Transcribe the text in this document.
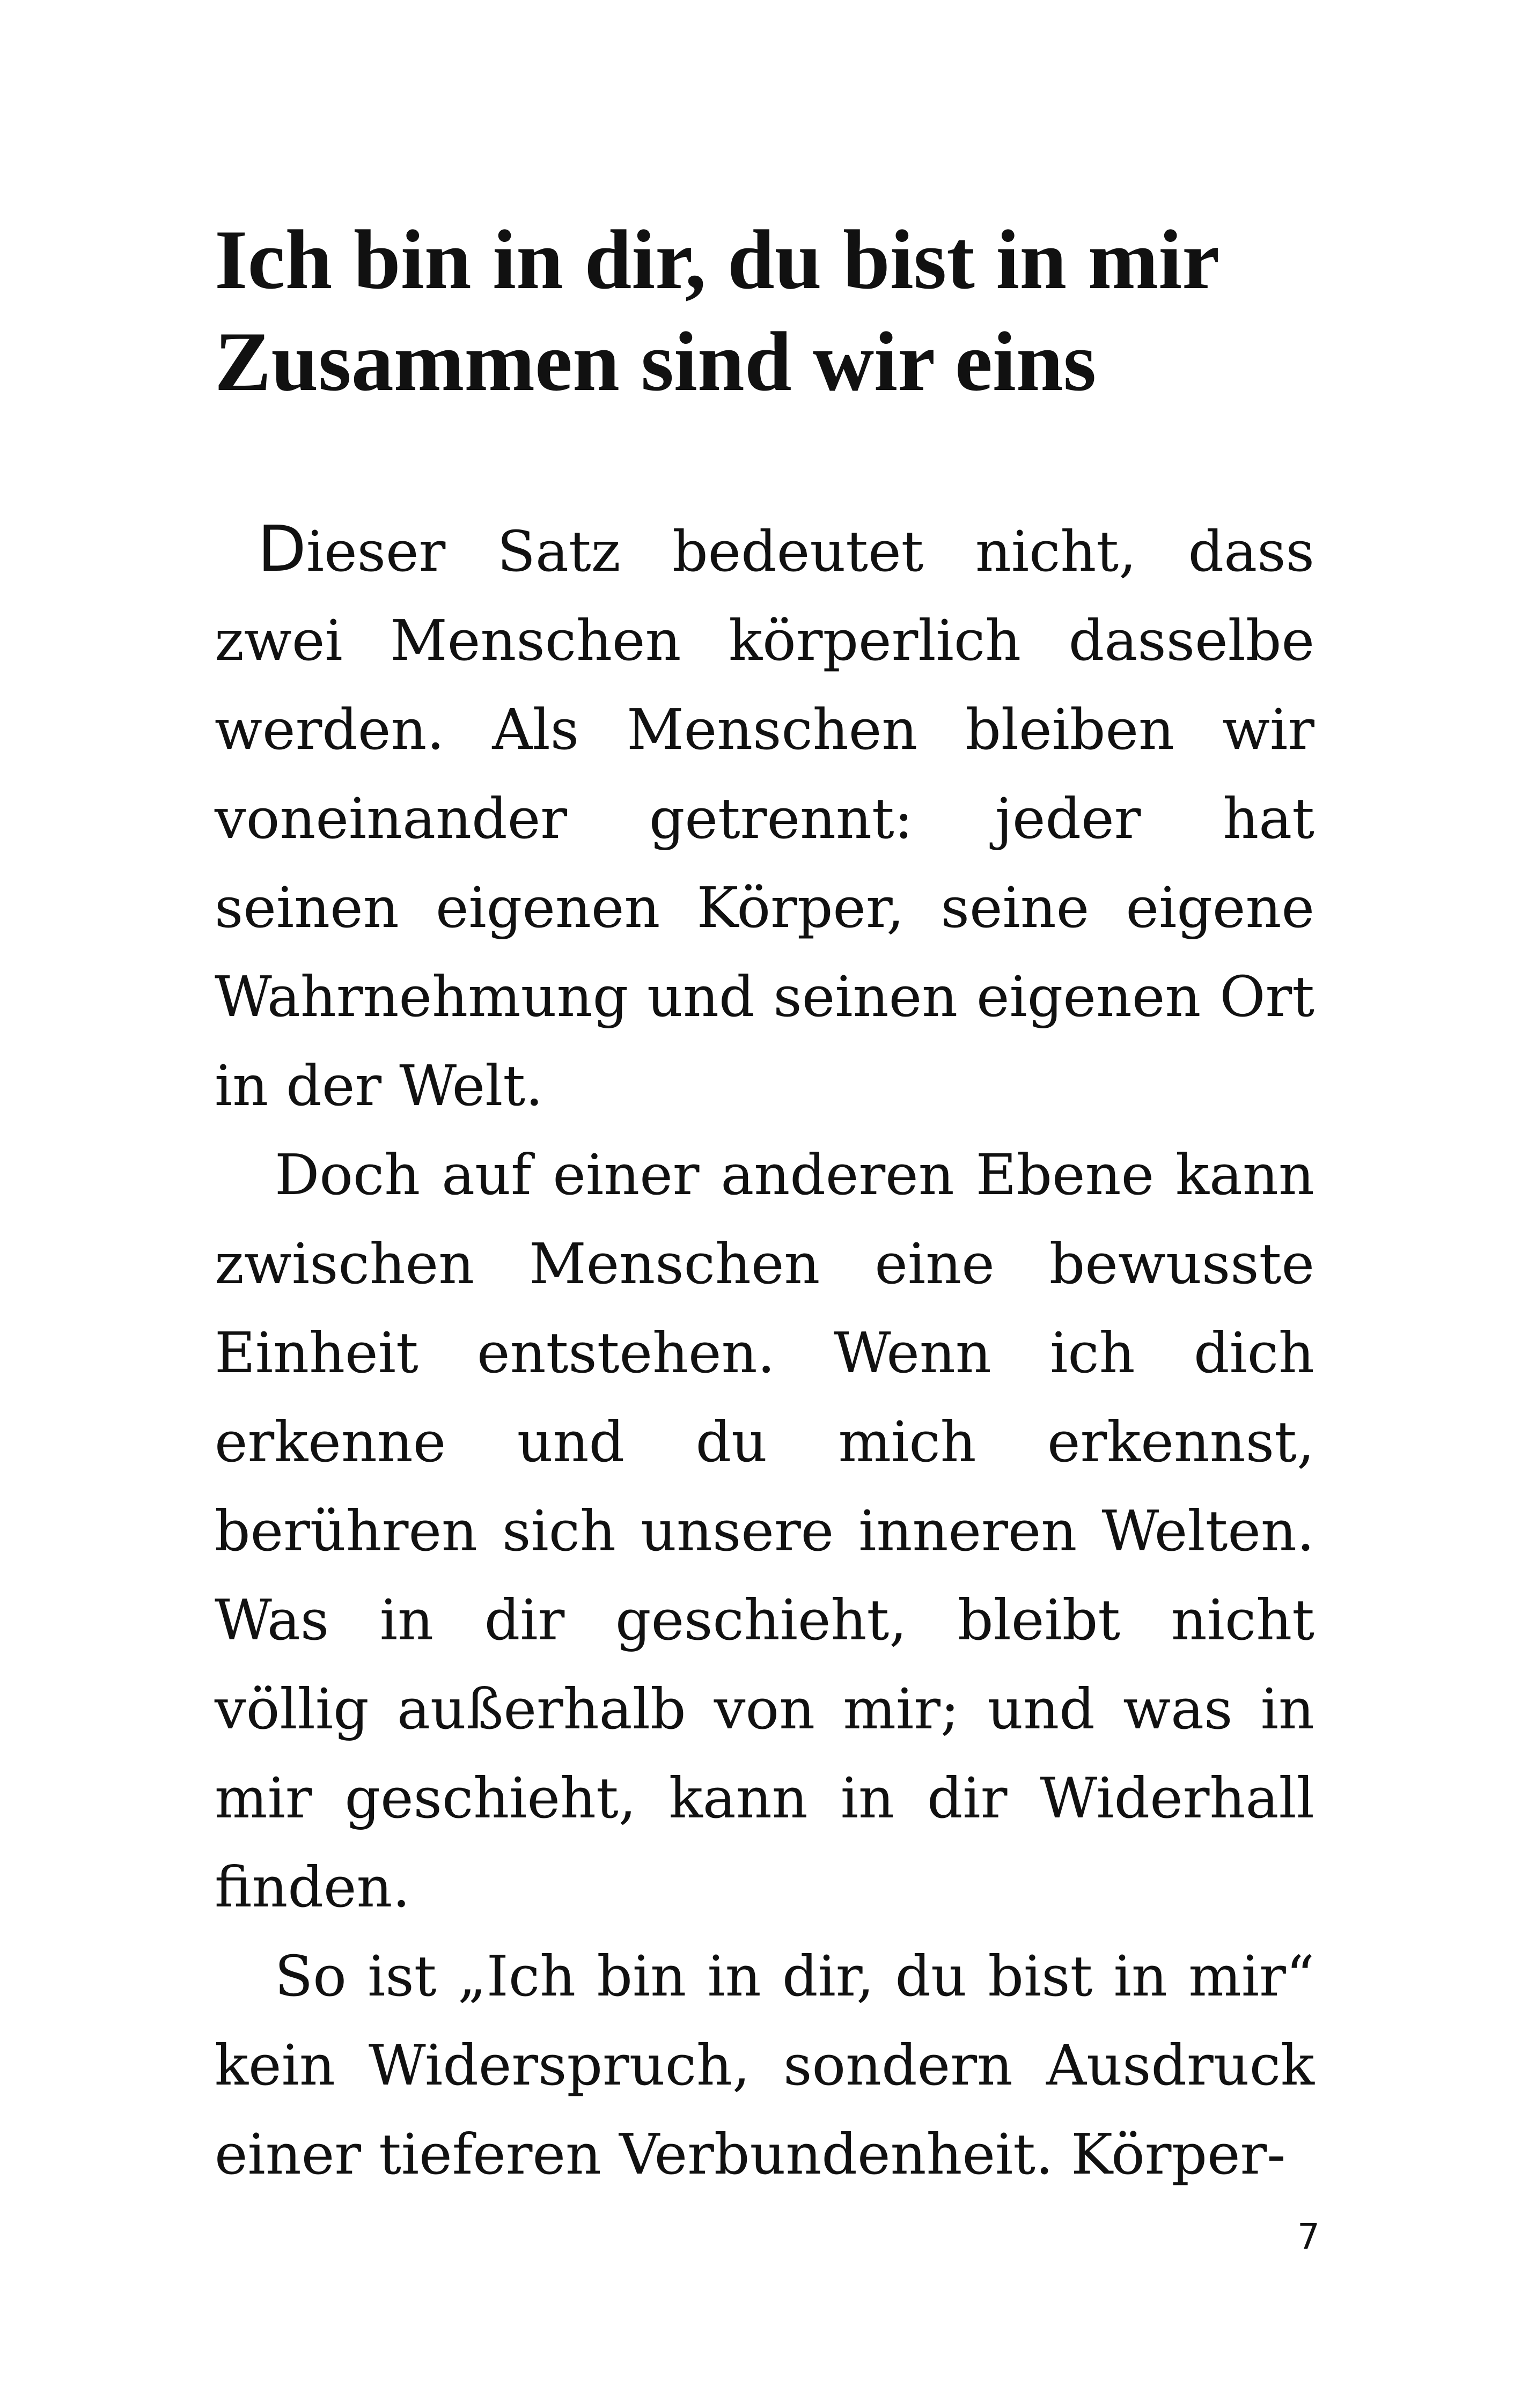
Ich bin in dir, du bist in mir
Zusammen sind wir eins

Dieser Satz bedeutet nicht, dass zwei Menschen körperlich dasselbe werden. Als Menschen bleiben wir voneinander getrennt: jeder hat seinen eigenen Körper, seine eigene Wahrnehmung und seinen eigenen Ort in der Welt.

Doch auf einer anderen Ebene kann zwischen Menschen eine bewusste Einheit entstehen. Wenn ich dich erkenne und du mich erkennst, berühren sich unsere inneren Welten. Was in dir geschieht, bleibt nicht völlig außerhalb von mir; und was in mir geschieht, kann in dir Widerhall finden.

So ist „Ich bin in dir, du bist in mir“ kein Widerspruch, sondern Ausdruck einer tieferen Verbundenheit. Körper-

7
